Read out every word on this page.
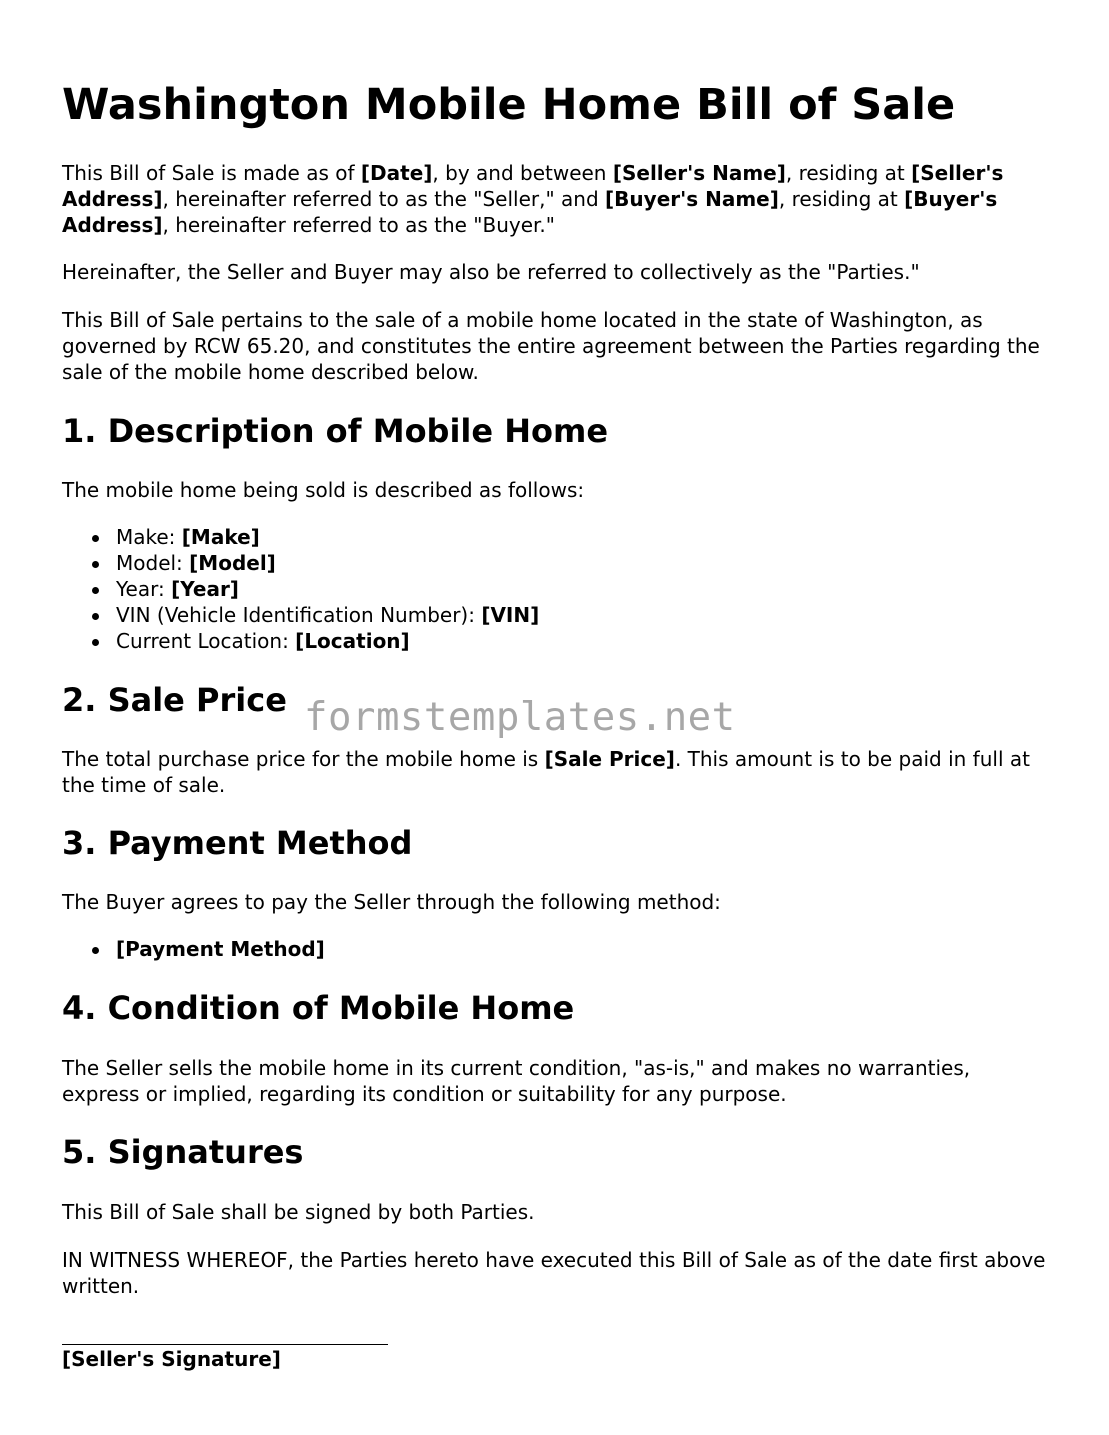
Washington Mobile Home Bill of Sale

This Bill of Sale is made as of [Date], by and between [Seller's Name], residing at [Seller's Address], hereinafter referred to as the "Seller," and [Buyer's Name], residing at [Buyer's Address], hereinafter referred to as the "Buyer."

Hereinafter, the Seller and Buyer may also be referred to collectively as the "Parties."

This Bill of Sale pertains to the sale of a mobile home located in the state of Washington, as governed by RCW 65.20, and constitutes the entire agreement between the Parties regarding the sale of the mobile home described below.

1. Description of Mobile Home

The mobile home being sold is described as follows:

Make: [Make]
Model: [Model]
Year: [Year]
VIN (Vehicle Identification Number): [VIN]
Current Location: [Location]
2. Sale Price

The total purchase price for the mobile home is [Sale Price]. This amount is to be paid in full at the time of sale.

3. Payment Method

The Buyer agrees to pay the Seller through the following method:

[Payment Method]
4. Condition of Mobile Home

The Seller sells the mobile home in its current condition, "as-is," and makes no warranties, express or implied, regarding its condition or suitability for any purpose.

5. Signatures

This Bill of Sale shall be signed by both Parties.

IN WITNESS WHEREOF, the Parties hereto have executed this Bill of Sale as of the date first above written.

[Seller's Signature]
formstemplates.net
